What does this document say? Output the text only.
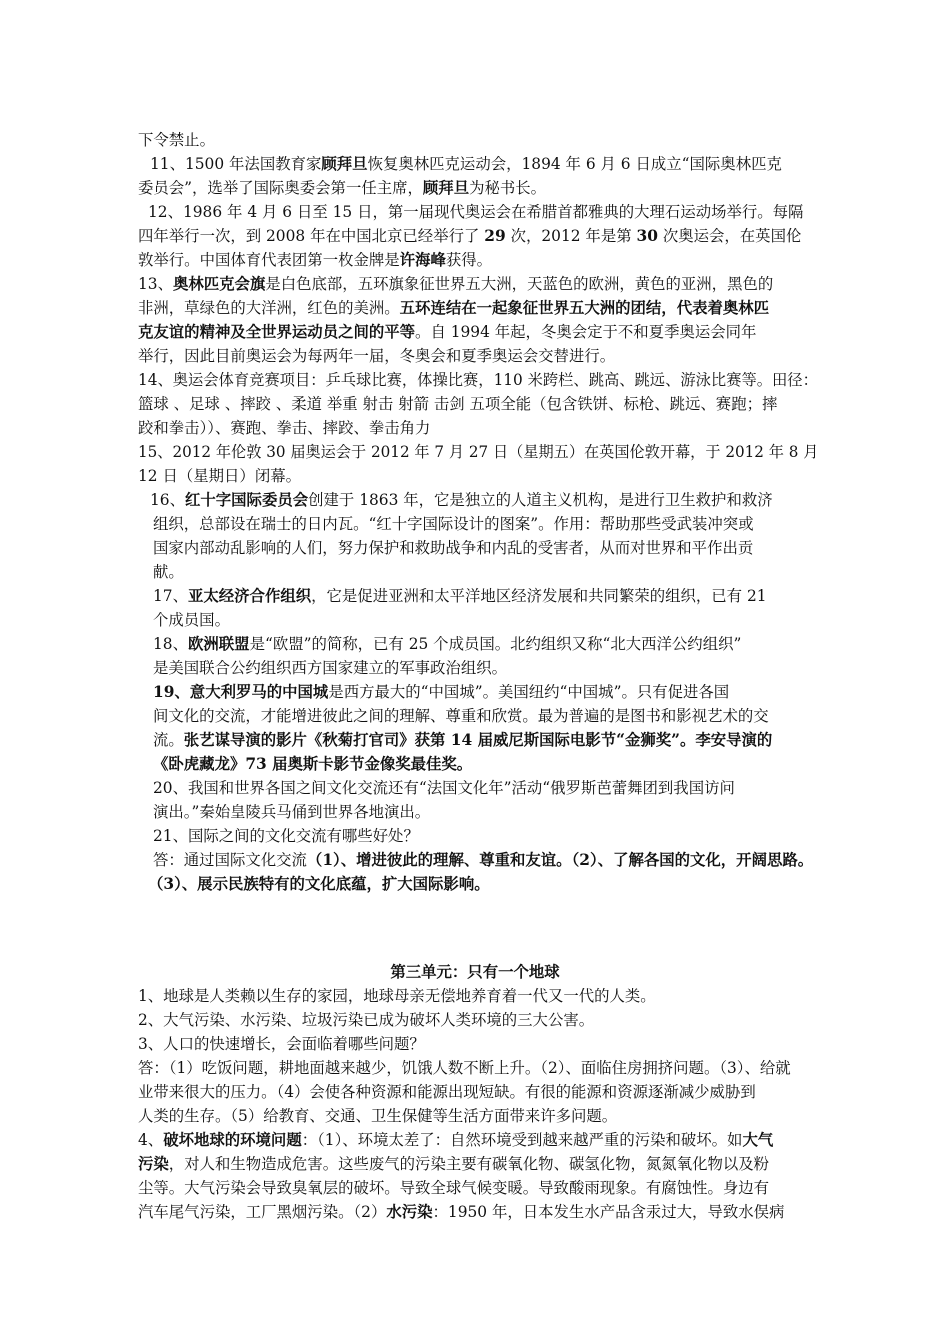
下令禁止。
11、1500 年法国教育家顾拜旦恢复奥林匹克运动会，1894 年 6 月 6 日成立“国际奥林匹克
委员会”，选举了国际奥委会第一任主席，顾拜旦为秘书长。
12、1986 年 4 月 6 日至 15 日，第一届现代奥运会在希腊首都雅典的大理石运动场举行。每隔
四年举行一次，到 2008 年在中国北京已经举行了 29 次，2012 年是第 30 次奥运会，在英国伦
敦举行。中国体育代表团第一枚金牌是许海峰获得。
13、奥林匹克会旗是白色底部，五环旗象征世界五大洲，天蓝色的欧洲，黄色的亚洲，黑色的
非洲，草绿色的大洋洲，红色的美洲。五环连结在一起象征世界五大洲的团结，代表着奥林匹
克友谊的精神及全世界运动员之间的平等。自 1994 年起，冬奥会定于不和夏季奥运会同年
举行，因此目前奥运会为每两年一届，冬奥会和夏季奥运会交替进行。
14、奥运会体育竞赛项目：乒乓球比赛，体操比赛，110 米跨栏、跳高、跳远、游泳比赛等。田径：
篮球 、足球 、摔跤 、柔道 举重 射击 射箭 击剑 五项全能（包含铁饼、标枪、跳远、赛跑；摔
跤和拳击））、赛跑、拳击、摔跤、拳击角力
15、2012 年伦敦 30 届奥运会于 2012 年 7 月 27 日（星期五）在英国伦敦开幕，于 2012 年 8 月
12 日（星期日）闭幕。
16、红十字国际委员会创建于 1863 年，它是独立的人道主义机构，是进行卫生救护和救济
组织，总部设在瑞士的日内瓦。“红十字国际设计的图案”。作用：帮助那些受武装冲突或
国家内部动乱影响的人们，努力保护和救助战争和内乱的受害者，从而对世界和平作出贡
献。
17、亚太经济合作组织，它是促进亚洲和太平洋地区经济发展和共同繁荣的组织，已有 21
个成员国。
18、欧洲联盟是“欧盟”的简称，已有 25 个成员国。北约组织又称“北大西洋公约组织”
是美国联合公约组织西方国家建立的军事政治组织。
19、意大利罗马的中国城是西方最大的“中国城”。美国纽约“中国城”。只有促进各国
间文化的交流，才能增进彼此之间的理解、尊重和欣赏。最为普遍的是图书和影视艺术的交
流。张艺谋导演的影片《秋菊打官司》获第 14 届威尼斯国际电影节“金狮奖”。李安导演的
《卧虎藏龙》73 届奥斯卡影节金像奖最佳奖。
20、我国和世界各国之间文化交流还有“法国文化年”活动“俄罗斯芭蕾舞团到我国访问
演出。”秦始皇陵兵马俑到世界各地演出。
21、国际之间的文化交流有哪些好处？
答：通过国际文化交流（1）、增进彼此的理解、尊重和友谊。（2）、了解各国的文化，开阔思路。
（3）、展示民族特有的文化底蕴，扩大国际影响。
1、地球是人类赖以生存的家园，地球母亲无偿地养育着一代又一代的人类。
2、大气污染、水污染、垃圾污染已成为破坏人类环境的三大公害。
3、人口的快速增长，会面临着哪些问题？
答：（1）吃饭问题，耕地面越来越少，饥饿人数不断上升。（2）、面临住房拥挤问题。（3）、给就
业带来很大的压力。（4）会使各种资源和能源出现短缺。有很的能源和资源逐渐减少威胁到
人类的生存。（5）给教育、交通、卫生保健等生活方面带来许多问题。
4、破坏地球的环境问题：（1）、环境太差了：自然环境受到越来越严重的污染和破坏。如大气
污染，对人和生物造成危害。这些废气的污染主要有碳氧化物、碳氢化物，氮氮氧化物以及粉
尘等。大气污染会导致臭氧层的破坏。导致全球气候变暖。导致酸雨现象。有腐蚀性。身边有
汽车尾气污染，工厂黑烟污染。（2）水污染：1950 年，日本发生水产品含汞过大，导致水俣病
第三单元：只有一个地球
